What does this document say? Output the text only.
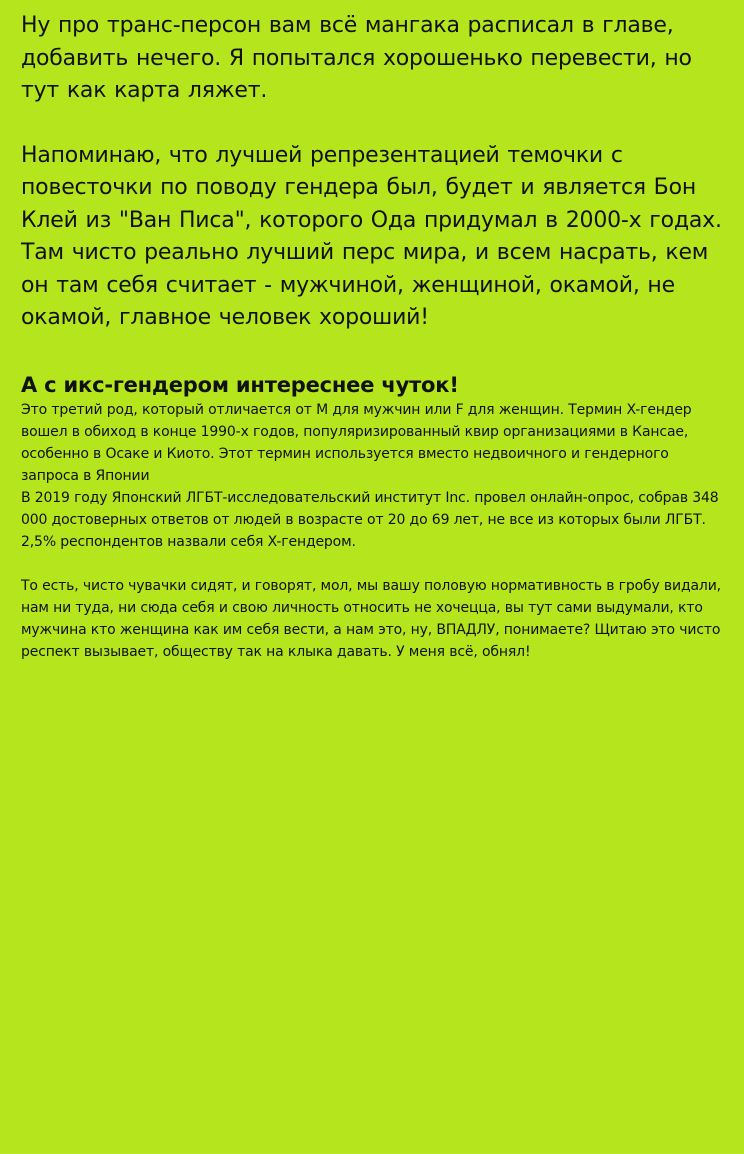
Ну про транс-персон вам всё мангака расписал в главе, добавить нечего. Я попытался хорошенько перевести, но тут как карта ляжет.

Напоминаю, что лучшей репрезентацией темочки с повесточки по поводу гендера был, будет и является Бон Клей из "Ван Писа", которого Ода придумал в 2000-х годах. Там чисто реально лучший перс мира, и всем насрать, кем он там себя считает - мужчиной, женщиной, окамой, не окамой, главное человек хороший!

А с икс-гендером интереснее чуток!

Это третий род, который отличается от M для мужчин или F для женщин. Термин X-гендер вошел в обиход в конце 1990-х годов, популяризированный квир организациями в Кансае, особенно в Осаке и Киото. Этот термин используется вместо недвоичного и гендерного запроса в Японии

В 2019 году Японский ЛГБТ-исследовательский институт Inc. провел онлайн-опрос, собрав 348 000 достоверных ответов от людей в возрасте от 20 до 69 лет, не все из которых были ЛГБТ. 2,5% респондентов назвали себя X-гендером.

То есть, чисто чувачки сидят, и говорят, мол, мы вашу половую нормативность в гробу видали, нам ни туда, ни сюда себя и свою личность относить не хочецца, вы тут сами выдумали, кто мужчина кто женщина как им себя вести, а нам это, ну, ВПАДЛУ, понимаете? Щитаю это чисто респект вызывает, обществу так на клыка давать. У меня всё, обнял!
